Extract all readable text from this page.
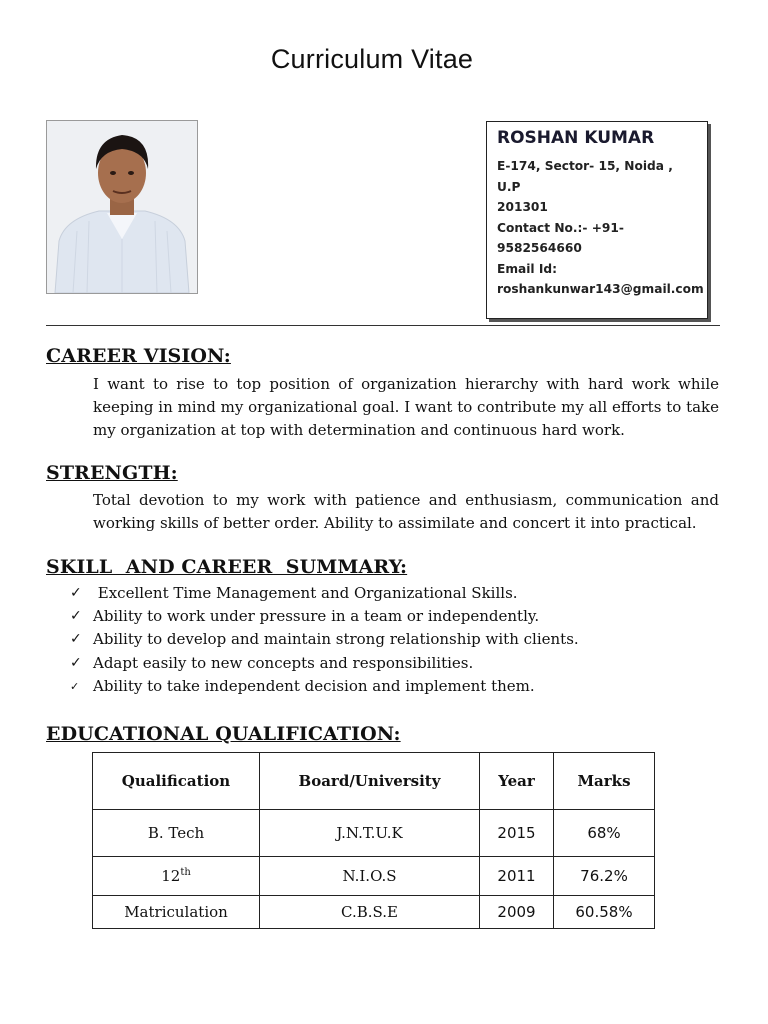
Curriculum Vitae
ROSHAN KUMAR
E-174, Sector- 15, Noida , U.P
201301
Contact No.:- +91-9582564660
Email Id:
roshankunwar143@gmail.com
CAREER VISION:
I want to rise to top position of organization hierarchy with hard work while keeping in mind my organizational goal. I want to contribute my all efforts to take my organization at top with determination and continuous hard work.
STRENGTH:
Total devotion to my work with patience and enthusiasm, communication and working skills of better order. Ability to assimilate and concert it into practical.
SKILL  AND CAREER  SUMMARY:
✓ Excellent Time Management and Organizational Skills.
✓ Ability to work under pressure in a team or independently.
✓ Ability to develop and maintain strong relationship with clients.
✓ Adapt easily to new concepts and responsibilities.
✓ Ability to take independent decision and implement them.
EDUCATIONAL QUALIFICATION:
Qualification	Board/University	Year	Marks
B. Tech	J.N.T.U.K	2015	68%
12th	N.I.O.S	2011	76.2%
Matriculation	C.B.S.E	2009	60.58%
